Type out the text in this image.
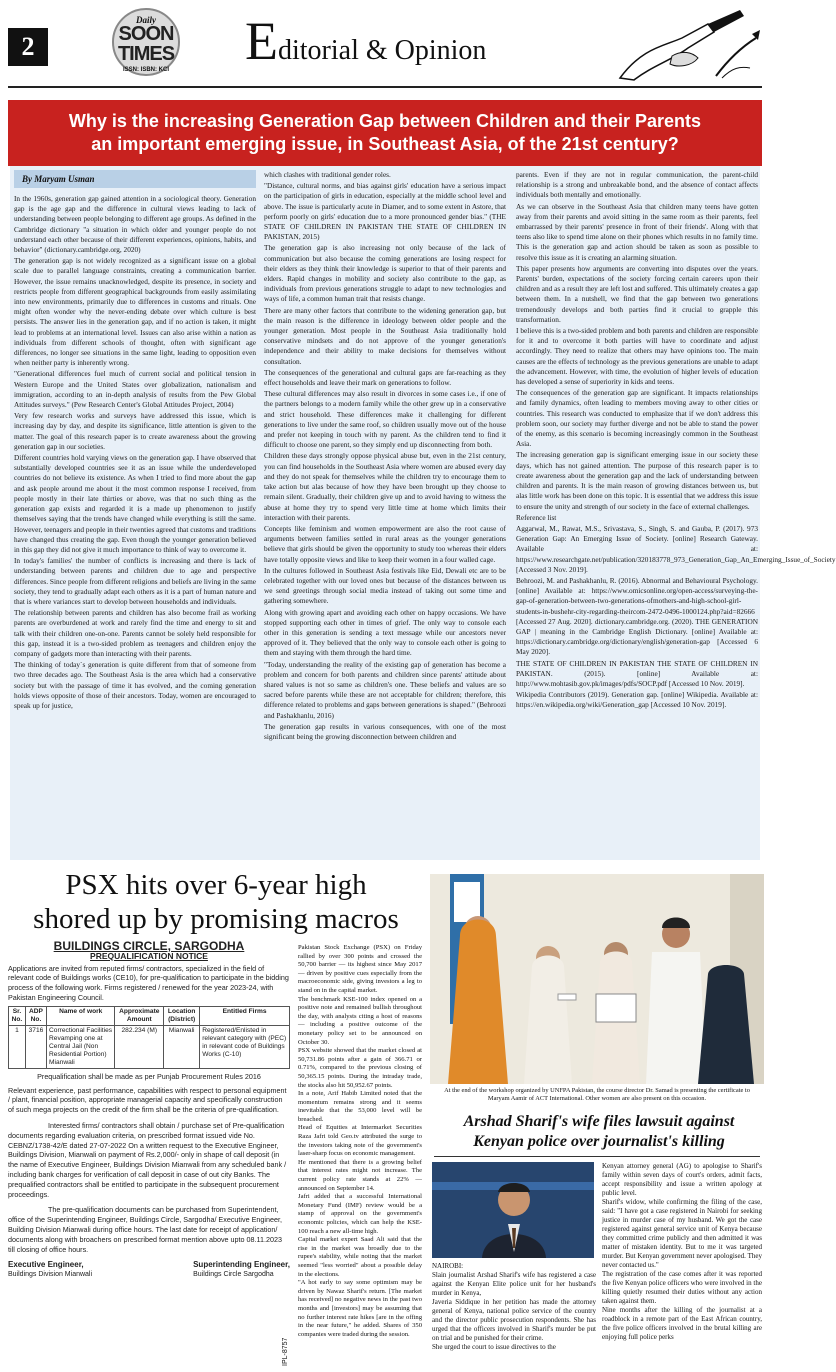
2
Daily
SOON
TIMES
ISSN: ISBN: KCI	Editorial & Opinion
Why is the increasing Generation Gap between Children and their Parents
an important emerging issue, in Southeast Asia, of the 21st century?
By Maryam Usman

In the 1960s, generation gap gained attention in a sociological theory. Generation gap is the age gap and the difference in cultural views leading to lack of understanding between people belonging to different age groups. As defined in the Cambridge dictionary "a situation in which older and younger people do not understand each other because of their different experiences, opinions, habits, and behavior" (dictionary.cambridge.org, 2020)

The generation gap is not widely recognized as a significant issue on a global scale due to parallel language constraints, creating a communication barrier. However, the issue remains unacknowledged, despite its presence, in society and restricts people from different geographical backgrounds from easily assimilating into new environments, primarily due to differences in customs and rituals. One might often wonder why the never-ending debate over which culture is best persists. The answer lies in the generation gap, and if no action is taken, it might lead to problems at an international level. Issues can also arise within a nation as individuals from different schools of thought, often with significant age differences, no longer see situations in the same light, leading to opposition even when neither party is inherently wrong.

"Generational differences fuel much of current social and political tension in Western Europe and the United States over globalization, nationalism and immigration, according to an in-depth analysis of results from the Pew Global Attitudes surveys." (Pew Research Center's Global Attitudes Project, 2004)

Very few research works and surveys have addressed this issue, which is increasing day by day, and despite its significance, little attention is given to the matter. The goal of this research paper is to create awareness about the growing generation gap in our societies.

Different countries hold varying views on the generation gap. I have observed that substantially developed countries see it as an issue while the underdeveloped countries do not believe its existence. As when I tried to find more about the gap and ask people around me about it the most common response I received, from people mostly in their late thirties or above, was that no such thing as the generation gap exists and regarded it is a made up phenomenon to justify themselves saying that the trends have changed while everything is still the same. However, teenagers and people in their twenties agreed that customs and traditions have changed thus creating the gap. Even though the younger generation believed in this gap they did not give it much importance to think of way to overcome it.

In today's families' the number of conflicts is increasing and there is lack of understanding between parents and children due to age and perspective differences. Since people from different religions and beliefs are living in the same society, they tend to gradually adapt each others as it is a part of human nature and that is where variances start to develop between households and individuals.

The relationship between parents and children has also become frail as working parents are overburdened at work and rarely find the time and energy to sit and talk with their children one-on-one. Parents cannot be solely held responsible for this gap, instead it is a two-sided problem as teenagers and children enjoy the company of gadgets more than interacting with their parents.

The thinking of today`s generation is quite different from that of someone from two three decades ago. The Southeast Asia is the area which had a conservative society but with the passage of time it has evolved, and the coming generation holds views opposite of those of their ancestors. Today, women are encouraged to speak up for justice,

which clashes with traditional gender roles.

"Distance, cultural norms, and bias against girls' education have a serious impact on the participation of girls in education, especially at the middle school level and above. The issue is particularly acute in Diamer, and to some extent in Astore, that perform poorly on girls' education due to a more pronounced gender bias." (THE STATE OF CHILDREN IN PAKISTAN THE STATE OF CHILDREN IN PAKISTAN, 2015)

The generation gap is also increasing not only because of the lack of communication but also because the coming generations are losing respect for their elders as they think their knowledge is superior to that of their parents and elders. Rapid changes in mobility and society also contribute to the gap, as individuals from previous generations struggle to adapt to new technologies and ways of life, a common human trait that resists change.

There are many other factors that contribute to the widening generation gap, but the main reason is the difference in ideology between older people and the younger generation. Most people in the Southeast Asia traditionally hold conservative mindsets and do not approve of the younger generation's independence and their ability to make decisions for themselves without consultation.

The consequences of the generational and cultural gaps are far-reaching as they effect households and leave their mark on generations to follow.

These cultural differences may also result in divorces in some cases i.e., if one of the partners belongs to a modern family while the other grew up in a conservative and strict household. These differences make it challenging for different generations to live under the same roof, so children usually move out of the house and prefer not keeping in touch with ny parent. As the children tend to find it difficult to choose one parent, so they simply end up disconnecting from both.

Children these days strongly oppose physical abuse but, even in the 21st century, you can find households in the Southeast Asia where women are abused every day and they do not speak for themselves while the children try to encourage them to take action but alas because of how they have been brought up they choose to remain silent. Gradually, their children give up and to avoid having to witness the abuse at home they try to spend very little time at home which limits their interaction with their parents.

Concepts like feminism and women empowerment are also the root cause of arguments between families settled in rural areas as the younger generations believe that girls should be given the opportunity to study too whereas their elders have totally opposite views and like to keep their women in a four walled cage.

In the cultures followed in Southeast Asia festivals like Eid, Dewali etc are to be celebrated together with our loved ones but because of the distances between us we send greetings through social media instead of taking out some time and gathering somewhere.

Along with growing apart and avoiding each other on happy occasions. We have stopped supporting each other in times of grief. The only way to console each other in this generation is sending a text message while our ancestors never approved of it. They believed that the only way to console each other is going to them and staying with them through the hard time.

"Today, understanding the reality of the existing gap of generation has become a problem and concern for both parents and children since parents' attitude about shared values is not so same as children's one. These beliefs and values are so sacred before parents while these are not acceptable for children; therefore, this difference related to problems and gaps between generations is shaped." (Behroozi and Pashakhanlu, 2016)

The generation gap results in various consequences, with one of the most significant being the growing disconnection between children and

parents. Even if they are not in regular communication, the parent-child relationship is a strong and unbreakable bond, and the absence of contact affects individuals both mentally and emotionally.

As we can observe in the Southeast Asia that children many teens have gotten away from their parents and avoid sitting in the same room as their parents, feel embarrassed by their parents' presence in front of their friends'. Along with that teens also like to spend time alone on their phones which results in no family time. This is the generation gap and action should be taken as soon as possible to resolve this issue as it is creating an alarming situation.

This paper presents how arguments are converting into disputes over the years. Parents' burden, expectations of the society forcing certain careers upon their children and as a result they are left lost and suffered. This ultimately creates a gap between them. In a nutshell, we find that the gap between two generations tremendously develops and both parties find it crucial to grapple this transformation.

I believe this is a two-sided problem and both parents and children are responsible for it and to overcome it both parties will have to coordinate and adjust accordingly. They need to realize that others may have opinions too. The main causes are the effects of technology as the previous generations are unable to adapt the advancement. However, with time, the evolution of higher levels of education has developed a sense of superiority in kids and teens.

The consequences of the generation gap are significant. It impacts relationships and family dynamics, often leading to members moving away to other cities or countries. This research was conducted to emphasize that if we don't address this problem soon, our society may further diverge and not be able to stand the power of the enemy, as this scenario is becoming increasingly common in the Southeast Asia.

The increasing generation gap is significant emerging issue in our society these days, which has not gained attention. The purpose of this research paper is to create awareness about the generation gap and the lack of understanding between children and parents. It is the main reason of growing distances between us, but alas little work has been done on this topic. It is essential that we address this issue to ensure the unity and strength of our society in the face of external challenges.

Reference list

Aggarwal, M., Rawat, M.S., Srivastava, S., Singh, S. and Gauba, P. (2017). 973 Generation Gap: An Emerging Issue of Society. [online] Research Gateway. Available at: https://www.researchgate.net/publication/320183778_973_Generation_Gap_An_Emerging_Issue_of_Society [Accessed 3 Nov. 2019].

Behroozi, M. and Pashakhanlu, R. (2016). Abnormal and Behavioural Psychology. [online] Available at: https://www.omicsonline.org/open-access/surveying-the-gap-of-generation-between-two-generations-ofmothers-and-high-school-girl-students-in-bushehr-city-regarding-theircom-2472-0496-1000124.php?aid=82666 [Accessed 27 Aug. 2020]. dictionary.cambridge.org. (2020). THE GENERATION GAP | meaning in the Cambridge English Dictionary. [online] Available at: https://dictionary.cambridge.org/dictionary/english/generation-gap [Accessed 6 May 2020].

THE STATE OF CHILDREN IN PAKISTAN THE STATE OF CHILDREN IN PAKISTAN. (2015). [online] Available at: http://www.mohtasib.gov.pk/images/pdfs/SOCP.pdf [Accessed 10 Nov. 2019].

Wikipedia Contributors (2019). Generation gap. [online] Wikipedia. Available at: https://en.wikipedia.org/wiki/Generation_gap [Accessed 10 Nov. 2019].

PSX hits over 6-year high
shored up by promising macros
BUILDINGS CIRCLE, SARGODHA
PREQUALIFICATION NOTICE
Applications are invited from reputed firms/ contractors, specialized in the field of relevant code of Buildings works (CE10), for pre-qualification to participate in the bidding process of the following work. Firms registered / renewed for the year 2023-24, with Pakistan Engineering Council.
Sr. No.	ADP No.	Name of work	Approximate Amount	Location (District)	Entitled Firms
1	3716	Correctional Facilities Revamping one at Central Jail (Non Residential Portion) Mianwali	282.234 (M)	Mianwali	Registered/Enlisted in relevant category with (PEC) in relevant code of Buildings Works (C-10)
Prequalification shall be made as per Punjab Procurement Rules 2016
Relevant experience, past performance, capabilities with respect to personal equipment / plant, financial position, appropriate managerial capacity and specifically construction of such mega projects on the credit of the firm shall be the criteria of pre-qualification.
Interested firms/ contractors shall obtain / purchase set of Pre-qualification documents regarding evaluation criteria, on prescribed format issued vide No. CEBNZ/1738-42/E dated 27-07-2022 On a written request to the Executive Engineer, Buildings Division, Mianwali on payment of Rs.2,000/- only in shape of call deposit (in the name of Executive Engineer, Buildings Division Mianwali from any scheduled bank / including bank charges for verification of call deposit in case of out city Banks. The prequalified contractors shall be entitled to participate in the subsequent procurement proceedings.
The pre-qualification documents can be purchased from Superintendent, office of the Superintending Engineer, Buildings Circle, Sargodha/ Executive Engineer, Building Division Mianwali during office hours. The last date for receipt of application/ documents along with broachers on prescribed format mention above upto 08.11.2023 till closing of office hours.
Executive Engineer,
Buildings Division Mianwali
Superintending Engineer,
Buildings Circle Sargodha
IPL-8757

Pakistan Stock Exchange (PSX) on Friday rallied by over 300 points and crossed the 50,700 barrier — its highest since May 2017 — driven by positive cues especially from the macroeconomic side, giving investors a leg to stand on in the capital market.

The benchmark KSE-100 index opened on a positive note and remained bullish throughout the day, with analysts citing a host of reasons — including a positive outcome of the monetary policy set to be announced on October 30.

PSX website showed that the market closed at 50,731.86 points after a gain of 366.71 or 0.71%, compared to the previous closing of 50,365.15 points. During the intraday trade, the stocks also hit 50,952.67 points.

In a note, Arif Habib Limited noted that the momentum remains strong and it seems inevitable that the 53,000 level will be breached.

Head of Equities at Intermarket Securities Raza Jafri told Geo.tv attributed the surge to the investors taking note of the government's laser-sharp focus on economic management.

He mentioned that there is a growing belief that interest rates might not increase. The current policy rate stands at 22% — announced on September 14.

Jafri added that a successful International Monetary Fund (IMF) review would be a stamp of approval on the government's economic policies, which can help the KSE-100 reach a new all-time high.

Capital market expert Saad Ali said that the rise in the market was broadly due to the rupee's stability, while noting that the market seemed "less worried" about a possible delay in the elections.

"A hot early to say some optimism may be driven by Nawaz Sharif's return. [The market has received] no negative news in the past two months and [investors] may be assuming that no further interest rate hikes [are in the offing in the near future," he added. Shares of 350 companies were traded during the session.

At the end of the workshop organized by UNFPA Pakistan, the course director Dr. Samad is presenting the certificate to Maryam Aamir of ACT International. Other women are also present on this occasion.
Arshad Sharif's wife files lawsuit against
Kenyan police over journalist's killing

NAIROBI:

Slain journalist Arshad Sharif's wife has registered a case against the Kenyan Elite police unit for her husband's murder in Kenya,

Javeria Siddique in her petition has made the attorney general of Kenya, national police service of the country and the director public prosecution respondents. She has urged that the officers involved in Sharif's murder be put on trial and be punished for their crime.

She urged the court to issue directives to the

Kenyan attorney general (AG) to apologise to Sharif's family within seven days of court's orders, admit facts, accept responsibility and issue a written apology at public level.

Sharif's widow, while confirming the filing of the case, said: "I have got a case registered in Nairobi for seeking justice in murder case of my husband. We got the case registered against general service unit of Kenya because they committed crime publicly and then admitted it was matter of mistaken identity. But to me it was targeted murder. But Kenyan government never apologised. They never contacted us."

The registration of the case comes after it was reported the five Kenyan police officers who were involved in the killing quietly resumed their duties without any action taken against them.

Nine months after the killing of the journalist at a roadblock in a remote part of the East African country, the five police officers involved in the brutal killing are enjoying full police perks
